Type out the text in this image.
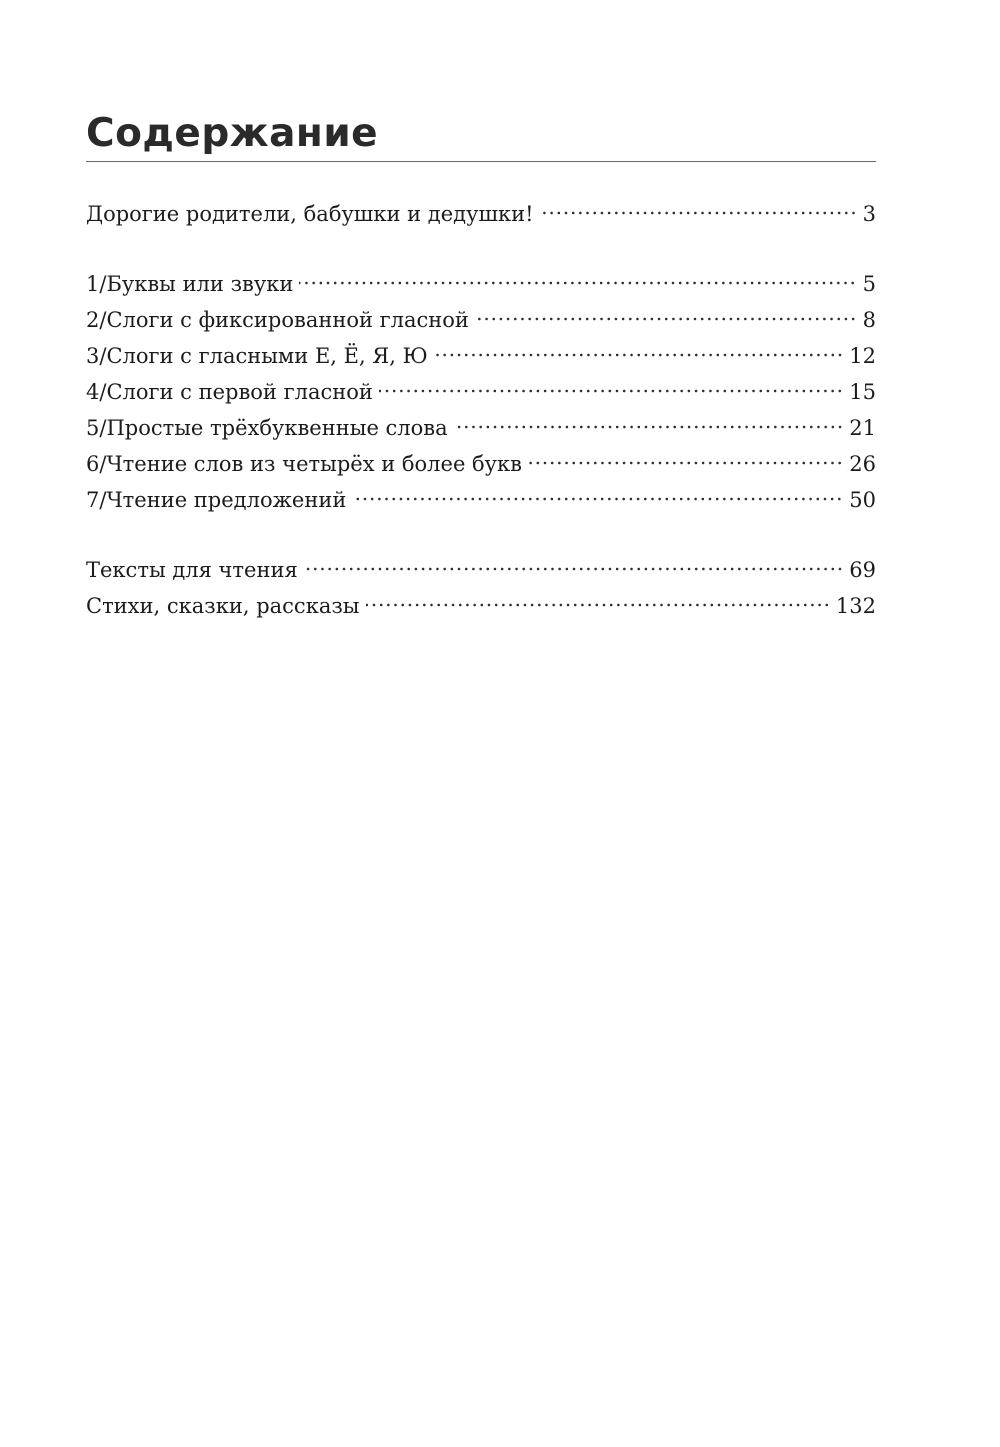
Содержание
Дорогие родители, бабушки и дедушки!	3
1/ Буквы или звуки	5
2/ Слоги с фиксированной гласной	8
3/ Слоги с гласными Е, Ё, Я, Ю	12
4/ Слоги с первой гласной	15
5/ Простые трёхбуквенные слова	21
6/ Чтение слов из четырёх и более букв	26
7/ Чтение предложений	50
Тексты для чтения	69
Стихи, сказки, рассказы	132
